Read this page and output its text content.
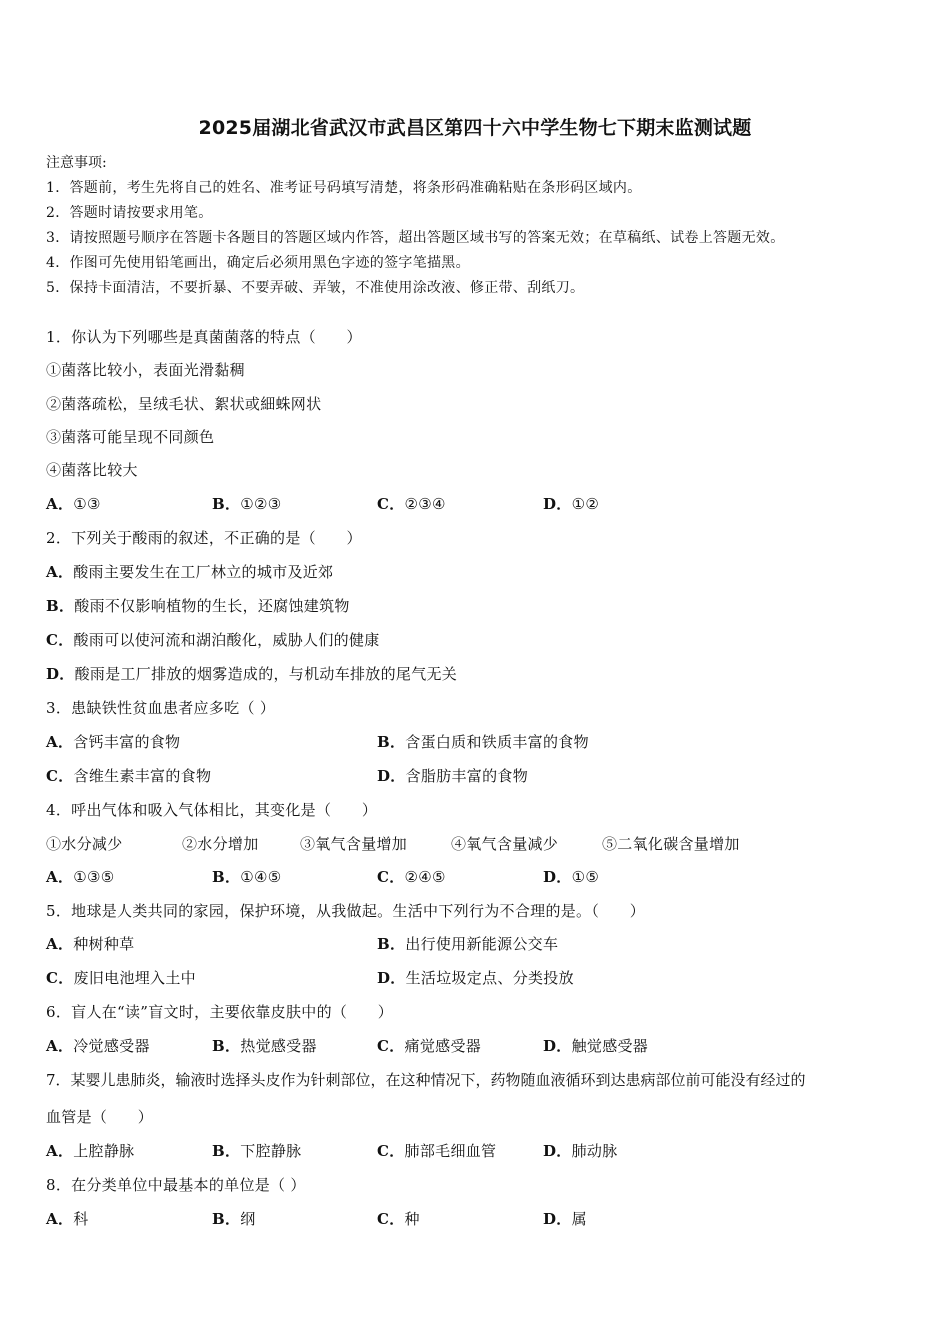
2025届湖北省武汉市武昌区第四十六中学生物七下期末监测试题
注意事项:
1．答题前，考生先将自己的姓名、准考证号码填写清楚，将条形码准确粘贴在条形码区域内。
2．答题时请按要求用笔。
3．请按照题号顺序在答题卡各题目的答题区域内作答，超出答题区域书写的答案无效；在草稿纸、试卷上答题无效。
4．作图可先使用铅笔画出，确定后必须用黑色字迹的签字笔描黑。
5．保持卡面清洁，不要折暴、不要弄破、弄皱，不准使用涂改液、修正带、刮纸刀。
1．你认为下列哪些是真菌菌落的特点（　　）
①菌落比较小，表面光滑黏稠
②菌落疏松，呈绒毛状、絮状或細蛛网状
③菌落可能呈现不同颜色
④菌落比较大
A．①③	B．①②③	C．②③④	D．①②
2．下列关于酸雨的叙述，不正确的是（　　）
A．酸雨主要发生在工厂林立的城市及近郊
B．酸雨不仅影响植物的生长，还腐蚀建筑物
C．酸雨可以使河流和湖泊酸化，威胁人们的健康
D．酸雨是工厂排放的烟雾造成的，与机动车排放的尾气无关
3．患缺铁性贫血患者应多吃（ ）
A．含钙丰富的食物	B．含蛋白质和铁质丰富的食物
C．含维生素丰富的食物	D．含脂肪丰富的食物
4．呼出气体和吸入气体相比，其变化是（　　）
①水分减少	②水分增加	③氧气含量增加	④氧气含量减少	⑤二氧化碳含量增加
A．①③⑤	B．①④⑤	C．②④⑤	D．①⑤
5．地球是人类共同的家园，保护环境，从我做起。生活中下列行为不合理的是。（　　）
A．种树种草	B．出行使用新能源公交车
C．废旧电池埋入土中	D．生活垃圾定点、分类投放
6．盲人在“读”盲文时，主要依靠皮肤中的（　　）
A．冷觉感受器	B．热觉感受器	C．痛觉感受器	D．触觉感受器
7．某婴儿患肺炎，输液时选择头皮作为针刺部位，在这种情况下，药物随血液循环到达患病部位前可能没有经过的
血管是（　　）
A．上腔静脉	B．下腔静脉	C．肺部毛细血管	D．肺动脉
8．在分类单位中最基本的单位是（ ）
A．科	B．纲	C．种	D．属
